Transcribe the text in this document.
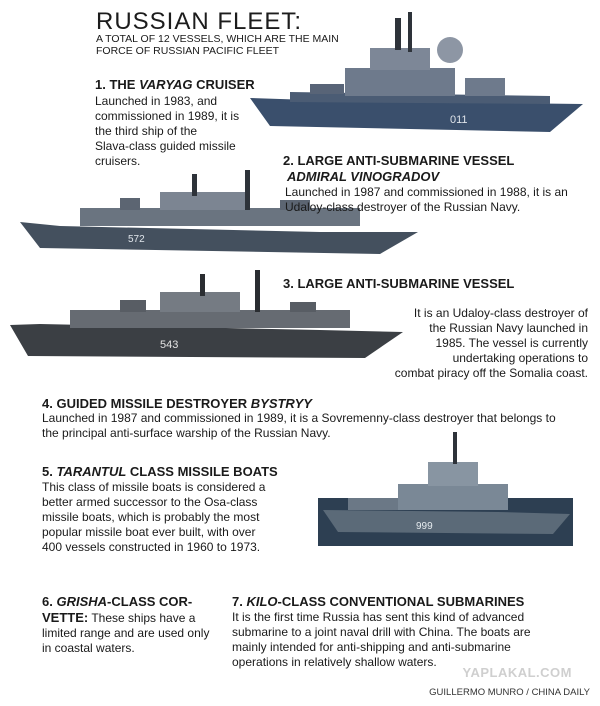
RUSSIAN FLEET:
A TOTAL OF 12 VESSELS, WHICH ARE THE MAIN
FORCE OF RUSSIAN PACIFIC FLEET
011
572
543
999
1. THE VARYAG CRUISER
Launched in 1983, and
commissioned in 1989, it is
the third ship of the
Slava-class guided missile
cruisers.	2. LARGE ANTI-SUBMARINE VESSEL
ADMIRAL VINOGRADOV
Launched in 1987 and commissioned in 1988, it is an
Udaloy-class destroyer of the Russian Navy.
3. LARGE ANTI-SUBMARINE VESSEL
It is an Udaloy-class destroyer of
the Russian Navy launched in
1985. The vessel is currently
undertaking operations to
combat piracy off the Somalia coast.
4. GUIDED MISSILE DESTROYER BYSTRYY
Launched in 1987 and commissioned in 1989, it is a Sovremenny-class destroyer that belongs to
the principal anti-surface warship of the Russian Navy.
5. TARANTUL CLASS MISSILE BOATS
This class of missile boats is considered a
better armed successor to the Osa-class
missile boats, which is probably the most
popular missile boat ever built, with over
400 vessels constructed in 1960 to 1973.
6. GRISHA-CLASS COR-
VETTE: These ships have a
limited range and are used only
in coastal waters.
7. KILO-CLASS CONVENTIONAL SUBMARINES
It is the first time Russia has sent this kind of advanced
submarine to a joint naval drill with China. The boats are
mainly intended for anti-shipping and anti-submarine
operations in relatively shallow waters.
YAPLAKAL.COM
GUILLERMO MUNRO / CHINA DAILY
